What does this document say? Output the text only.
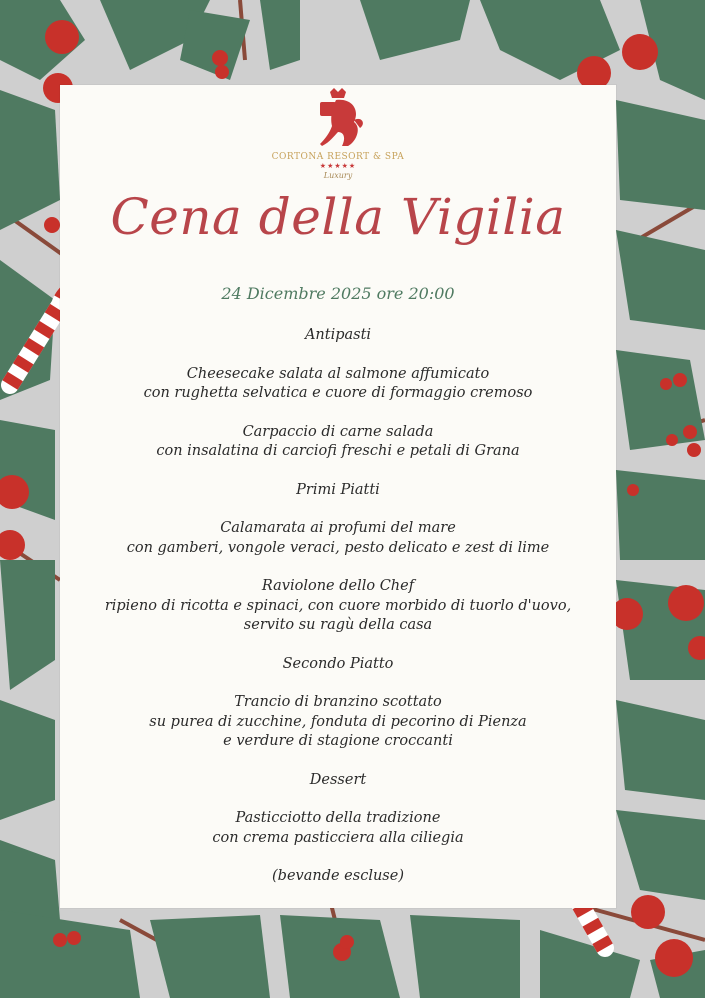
CORTONA RESORT & SPA
★★★★★
Luxury
Cena della Vigilia
24 Dicembre 2025 ore 20:00
Antipasti
Cheesecake salata al salmone affumicato
con rughetta selvatica e cuore di formaggio cremoso
Carpaccio di carne salada
con insalatina di carciofi freschi e petali di Grana
Primi Piatti
Calamarata ai profumi del mare
con gamberi, vongole veraci, pesto delicato e zest di lime
Raviolone dello Chef
ripieno di ricotta e spinaci, con cuore morbido di tuorlo d'uovo,
servito su ragù della casa
Secondo Piatto
Trancio di branzino scottato
su purea di zucchine, fonduta di pecorino di Pienza
e verdure di stagione croccanti
Dessert
Pasticciotto della tradizione
con crema pasticciera alla ciliegia
(bevande escluse)
